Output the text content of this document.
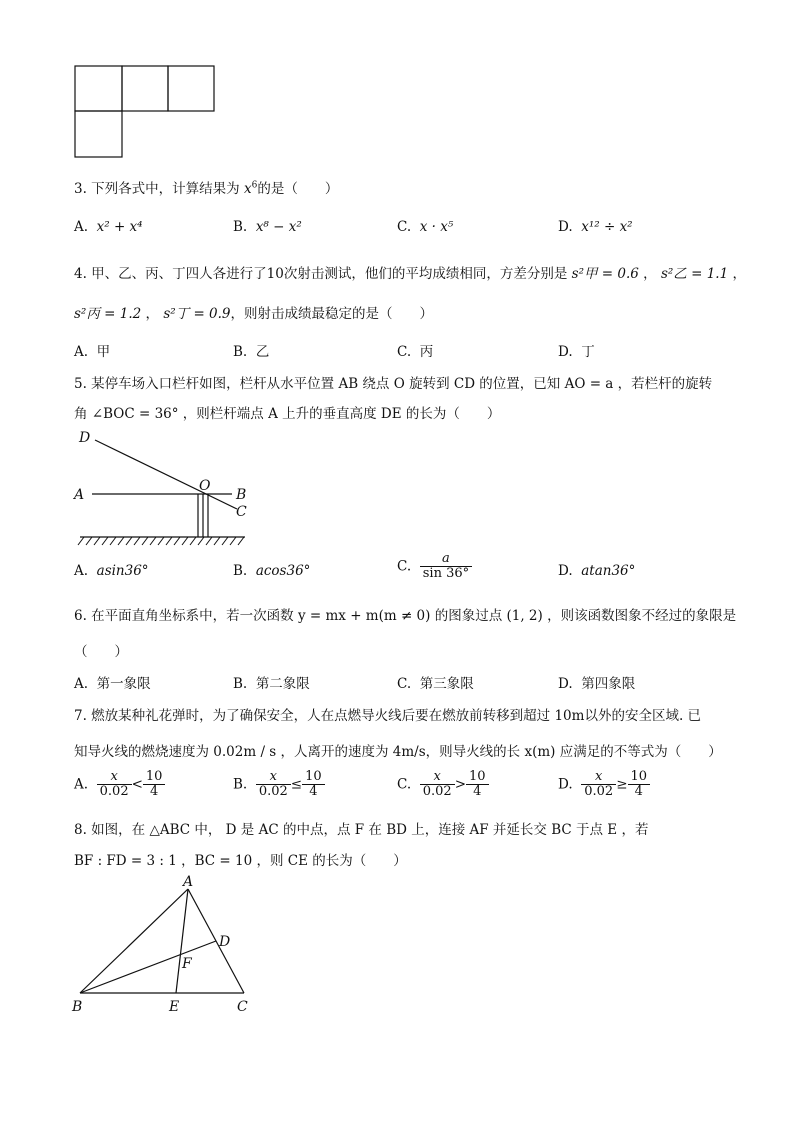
3. 下列各式中，计算结果为 $x^6$的是（　　）
A. x² + x⁴	B. x⁸ − x²	C. x · x⁵	D. x¹² ÷ x²
4. 甲、乙、丙、丁四人各进行了10次射击测试，他们的平均成绩相同，方差分别是 s²甲 = 0.6 ， s²乙 = 1.1 ，
s²丙 = 1.2 ， s²丁 = 0.9，则射击成绩最稳定的是（　　）
A. 甲	B. 乙	C. 丙	D. 丁
5. 某停车场入口栏杆如图，栏杆从水平位置 AB 绕点 O 旋转到 CD 的位置，已知 AO = a ，若栏杆的旋转
角 ∠BOC = 36° ，则栏杆端点 A 上升的垂直高度 DE 的长为（　　）
D
A
O
B
C
A. asin36°	B. acos36°	C. $\frac{a}{\sin 36^\circ}$	D. atan36°
6. 在平面直角坐标系中，若一次函数 y = mx + m(m ≠ 0) 的图象过点 (1, 2) ，则该函数图象不经过的象限是
（　　）
A. 第一象限	B. 第二象限	C. 第三象限	D. 第四象限
7. 燃放某种礼花弹时，为了确保安全，人在点燃导火线后要在燃放前转移到超过 10m以外的安全区域. 已
知导火线的燃烧速度为 0.02m / s ，人离开的速度为 4m/s，则导火线的长 x(m) 应满足的不等式为（　　）
A. $\frac{x}{0.02} < \frac{10}{4}$	B. $\frac{x}{0.02} \le \frac{10}{4}$	C. $\frac{x}{0.02} > \frac{10}{4}$	D. $\frac{x}{0.02} \ge \frac{10}{4}$
8. 如图，在 △ABC 中， D 是 AC 的中点，点 F 在 BD 上，连接 AF 并延长交 BC 于点 E ，若
BF : FD = 3 : 1 ，BC = 10 ，则 CE 的长为（　　）
A
D
F
B	E	C
